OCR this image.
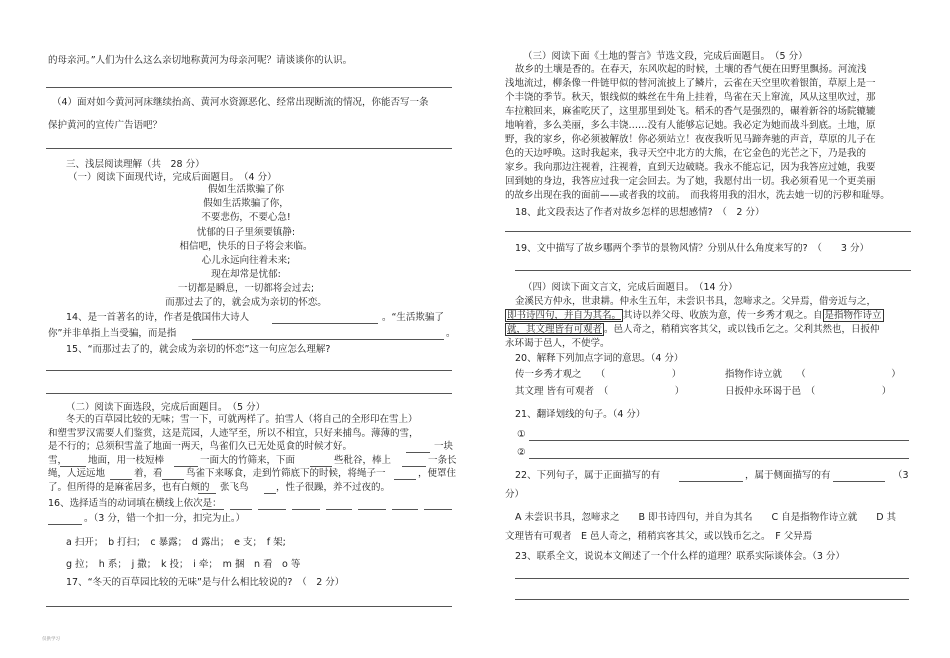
的母亲河。”人们为什么这么亲切地称黄河为母亲河呢？请谈谈你的认识。
（4）面对如今黄河河床继续抬高、黄河水资源恶化、经常出现断流的情况，你能否写一条
保护黄河的宣传广告语吧？
三、浅层阅读理解（共　28 分）
（一）阅读下面现代诗，完成后面题目。　（4 分）
假如生活欺骗了你
假如生活欺骗了你，
不要悲伤，不要心急!
忧郁的日子里须要镇静:
相信吧，快乐的日子将会来临。
心儿永远向往着未来;
现在却常是忧郁:
一切都是瞬息，一切都将会过去;
而那过去了的，就会成为亲切的怀恋。
14、是一首著名的诗，作者是俄国伟大诗人	。“生活欺骗了
你”并非单指上当受骗，而是指	。
15、“而那过去了的，就会成为亲切的怀恋”这一句应怎么理解?
（二）阅读下面选段，完成后面题目。　（5 分）
冬天的百草园比较的无味；雪一下，可就两样了。拍雪人（将自己的全形印在雪上）
和塑雪罗汉需要人们鉴赏，这是荒园，人迹罕至，所以不相宜，只好来捕鸟。薄薄的雪，
是不行的；总须积雪盖了地面一两天，鸟雀们久已无处觅食的时候才好。	一块
雪， 地面，用一枝短棒	一面大的竹筛来，下面	些秕谷，棒上	一条长
绳，人远远地	着，看 鸟雀下来啄食，走到竹筛底下的时候，将绳子一	，便罩住
了。但所得的是麻雀居多，也有白颊的 张飞鸟	，性子很躁，养不过夜的。
16、选择适当的动词填在横线上依次是：
。（3 分，错一个扣一分，扣完为止。）
a 扫开；　b 打扫；　c 暴露；　d 露出；　e 支；　f 架;
g 拉；　h 系；　j 撒；　k 投；　i 牵；　m 捆　n 看　o 等
17、“冬天的百草园比较的无味”是与什么相比较说的?　（　2 分）
仅供学习
（三）阅读下面《土地的誓言》节选文段，完成后面题目。　（5 分）
故乡的土壤是香的。在春天，东风吹起的时候，土壤的香气便在田野里飘扬。河流浅
浅地流过，柳条像一件链甲似的替河流披上了鳞片，云雀在天空里吹着银笛，草原上是一
个丰饶的季节。秋天，银线似的蛛丝在牛角上挂着，鸟雀在天上窜流，风从这里吹过，那
车拉粮回来，麻雀吃厌了，这里那里到处飞。稻禾的香气是强烈的，碾着新谷的场院辘辘
地响着，多么美丽，多么丰饶……没有人能够忘记她。我必定为她而战斗到底。土地，原
野，我的家乡，你必须被解放！你必须站立！夜夜我听见马蹄奔驰的声音，草原的儿子在
色的天边呼唤。这时我起来，我寻天空中北方的大熊，在它金色的光芒之下，乃是我的
家乡。我向那边注视着，注视着，直到天边破晓。我永不能忘记，因为我答应过她，我要
回到她的身边，我答应过我一定会回去。为了她，我愿付出一切。我必须看见一个更美丽
的故乡出现在我的面前——或者我的坟前。　而我将用我的泪水，洗去她一切的污秽和耻辱。
18、此文段表达了作者对故乡怎样的思想感情?　（　2 分）
19、文中描写了故乡哪两个季节的景物风情？分别从什么角度来写的?　（　　3 分）
（四）阅读下面文言文，完成后面题目。　（14 分）
金溪民方仲永，世隶耕。仲永生五年，未尝识书具，忽啼求之。父异焉，借旁近与之，
即书诗四句，并自为其名。 其诗以养父母、收族为意，传一乡秀才观之。自 是指物作诗立
就，其文理皆有可观者 。邑人奇之，稍稍宾客其父，或以钱币乞之。父利其然也，日扳仲
永环谒于邑人，不使学。
20、解释下列加点字词的意思。（4 分）
传一乡秀才观之　　（　　　　　　　）	指物作诗立就　　（　　　　　　　　　）
其文理 皆有可观者　（　　　　　　　）	日扳仲永环谒于邑　（　　　　　　　）
21、翻译划线的句子。（4 分）
①
②
22、下列句子，属于正面描写的有	，属于侧面描写的有	（3
分）
A 未尝识书具，忽啼求之　　B 即书诗四句，并自为其名　　C 自是指物作诗立就　　D 其
文理皆有可观者　E 邑人奇之，稍稍宾客其父，或以钱币乞之。　F 父异焉
23、联系全文，说说本文阐述了一个什么样的道理？联系实际谈体会。（3 分）
